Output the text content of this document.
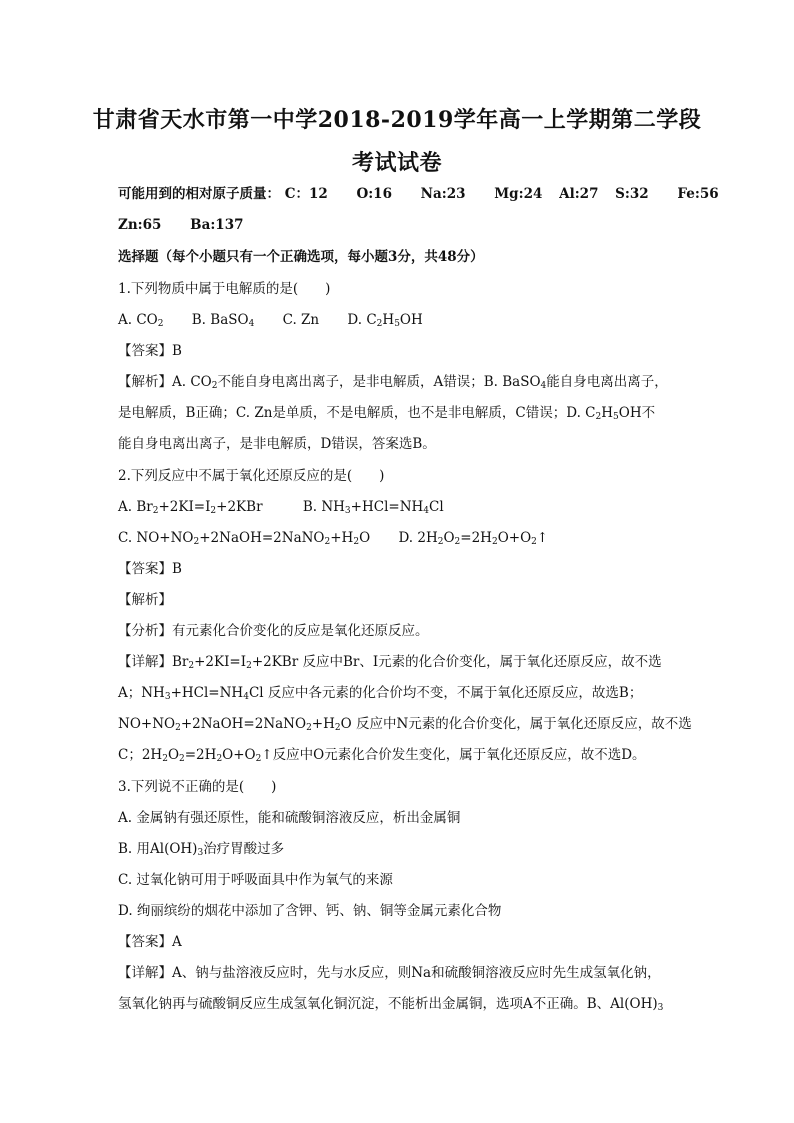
甘肃省天水市第一中学2018-2019学年高一上学期第二学段
考试试卷
可能用到的相对原子质量： C：12 O:16 Na:23 Mg:24 Al:27 S:32 Fe:56
Zn:65 Ba:137
选择题（每个小题只有一个正确选项，每小题3分，共48分）
1.下列物质中属于电解质的是(　　)
A. $CO_2$ B. BaSO$_4$ C. Zn D. $C_2H_5OH$
【答案】B
【解析】A. $CO_2$不能自身电离出离子，是非电解质，A错误；B. BaSO$_4$能自身电离出离子，
是电解质，B正确；C. Zn是单质，不是电解质，也不是非电解质，C错误；D. $C_2H_5OH$不
能自身电离出离子，是非电解质，D错误，答案选B。
2.下列反应中不属于氧化还原反应的是(　　)
A. $Br_2+2KI=I_2+2KBr$	B. $NH_3+HCl=NH_4Cl$
C. $NO+NO_2+2NaOH=2NaNO_2+H_2O$ D. $2H_2O_2=2H_2O+O_2↑$
【答案】B
【解析】
【分析】有元素化合价变化的反应是氧化还原反应。
【详解】$Br_2+2KI=I_2+2KBr$ 反应中Br、I元素的化合价变化，属于氧化还原反应，故不选
A；$NH_3+HCl=NH_4Cl$ 反应中各元素的化合价均不变，不属于氧化还原反应，故选B；
$NO+NO_2+2NaOH=2NaNO_2+H_2O$ 反应中N元素的化合价变化，属于氧化还原反应，故不选
C；$2H_2O_2=2H_2O+O_2↑$反应中O元素化合价发生变化，属于氧化还原反应，故不选D。
3.下列说不正确的是(　　)
A. 金属钠有强还原性，能和硫酸铜溶液反应，析出金属铜
B. 用$Al(OH)_3$治疗胃酸过多
C. 过氧化钠可用于呼吸面具中作为氧气的来源
D. 绚丽缤纷的烟花中添加了含钾、钙、钠、铜等金属元素化合物
【答案】A
【详解】A、钠与盐溶液反应时，先与水反应，则Na和硫酸铜溶液反应时先生成氢氧化钠，
氢氧化钠再与硫酸铜反应生成氢氧化铜沉淀，不能析出金属铜，选项A不正确。B、$Al(OH)_3$
